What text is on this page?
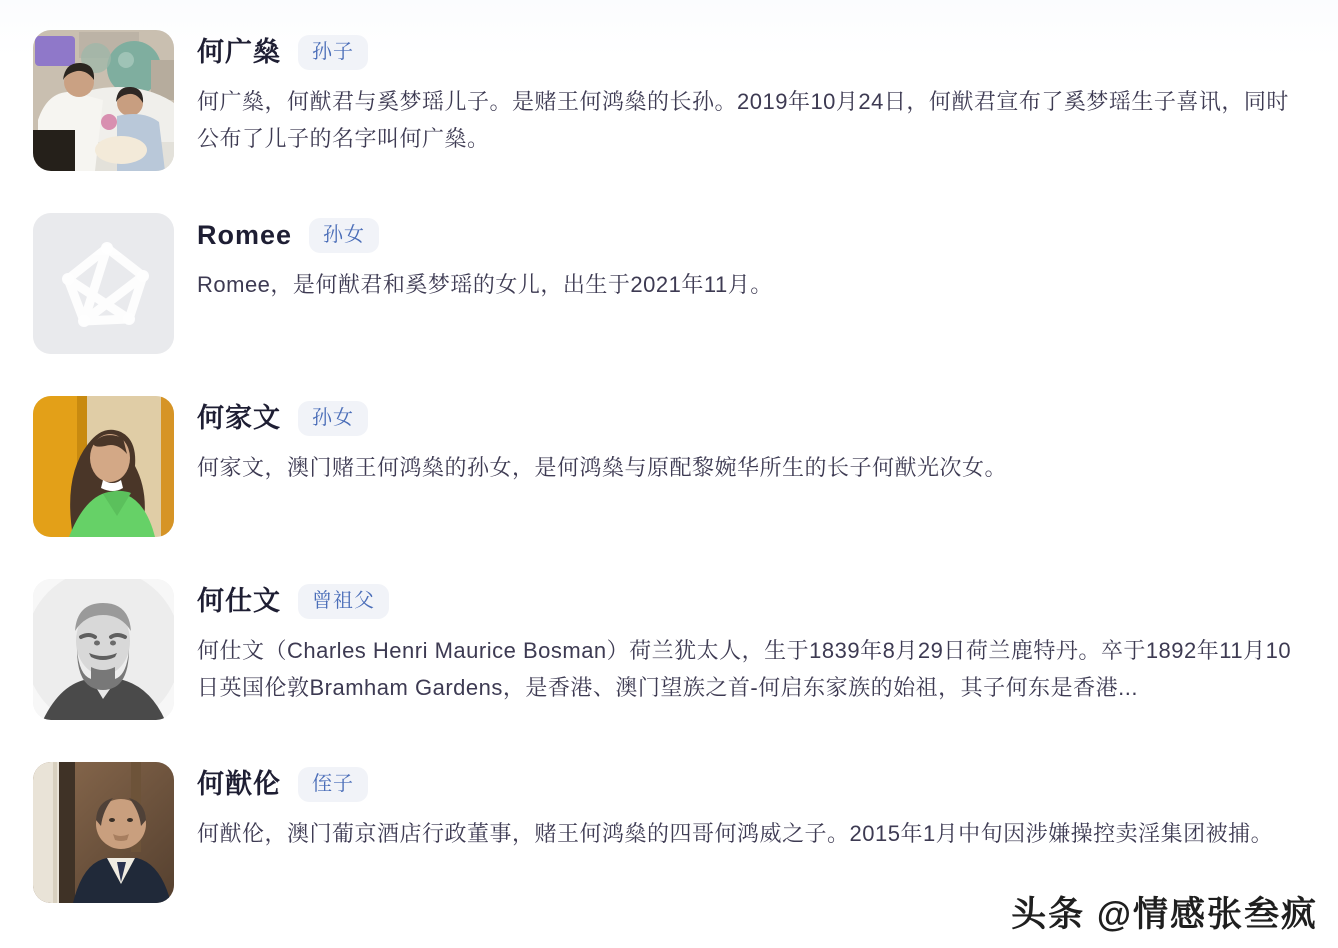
何广燊	孙子
何广燊，何猷君与奚梦瑶儿子。是赌王何鸿燊的长孙。2019年10月24日，何猷君宣布了奚梦瑶生子喜讯，同时公布了儿子的名字叫何广燊。
Romee	孙女
Romee，是何猷君和奚梦瑶的女儿，出生于2021年11月。
何家文	孙女
何家文，澳门赌王何鸿燊的孙女，是何鸿燊与原配黎婉华所生的长子何猷光次女。
何仕文	曾祖父
何仕文（Charles Henri Maurice Bosman）荷兰犹太人，生于1839年8月29日荷兰鹿特丹。卒于1892年11月10日英国伦敦Bramham Gardens，是香港、澳门望族之首-何启东家族的始祖，其子何东是香港...
何猷伦	侄子
何猷伦，澳门葡京酒店行政董事，赌王何鸿燊的四哥何鸿威之子。2015年1月中旬因涉嫌操控卖淫集团被捕。
头条 @情感张叁疯
